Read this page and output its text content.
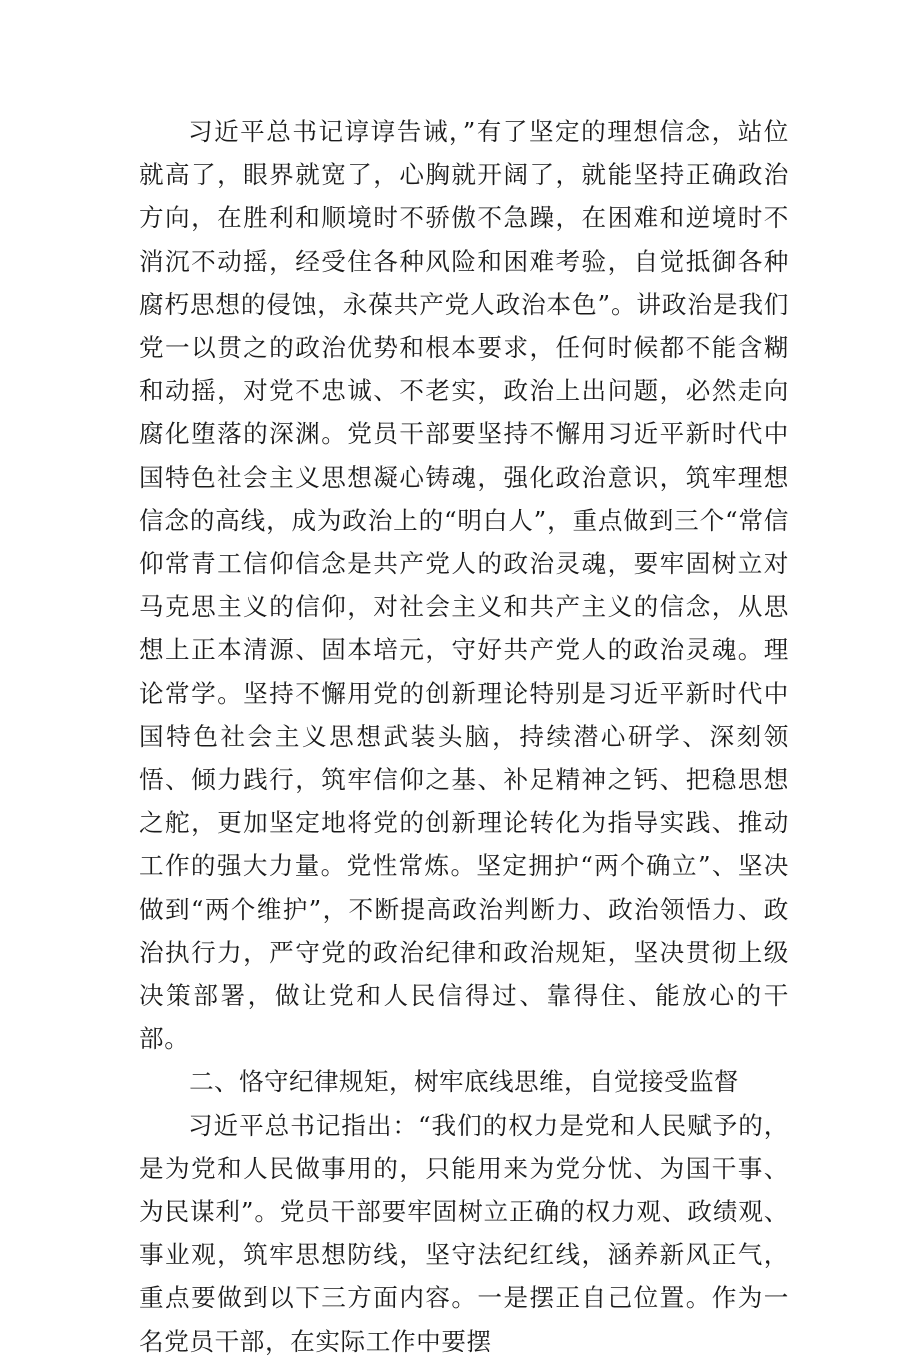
习近平总书记谆谆告诫，”有了坚定的理想信念，站位就高了，眼界就宽了，心胸就开阔了，就能坚持正确政治方向，在胜利和顺境时不骄傲不急躁，在困难和逆境时不消沉不动摇，经受住各种风险和困难考验，自觉抵御各种腐朽思想的侵蚀，永葆共产党人政治本色”。讲政治是我们党一以贯之的政治优势和根本要求，任何时候都不能含糊和动摇，对党不忠诚、不老实，政治上出问题，必然走向腐化堕落的深渊。党员干部要坚持不懈用习近平新时代中国特色社会主义思想凝心铸魂，强化政治意识，筑牢理想信念的高线，成为政治上的“明白人”，重点做到三个“常信仰常青工信仰信念是共产党人的政治灵魂，要牢固树立对马克思主义的信仰，对社会主义和共产主义的信念，从思想上正本清源、固本培元，守好共产党人的政治灵魂。理论常学。坚持不懈用党的创新理论特别是习近平新时代中国特色社会主义思想武装头脑，持续潜心研学、深刻领悟、倾力践行，筑牢信仰之基、补足精神之钙、把稳思想之舵，更加坚定地将党的创新理论转化为指导实践、推动工作的强大力量。党性常炼。坚定拥护“两个确立”、坚决做到“两个维护”，不断提高政治判断力、政治领悟力、政治执行力，严守党的政治纪律和政治规矩，坚决贯彻上级决策部署，做让党和人民信得过、靠得住、能放心的干部。

二、恪守纪律规矩，树牢底线思维，自觉接受监督

习近平总书记指出：“我们的权力是党和人民赋予的，是为党和人民做事用的，只能用来为党分忧、为国干事、为民谋利”。党员干部要牢固树立正确的权力观、政绩观、事业观，筑牢思想防线，坚守法纪红线，涵养新风正气，重点要做到以下三方面内容。一是摆正自己位置。作为一名党员干部，在实际工作中要摆
